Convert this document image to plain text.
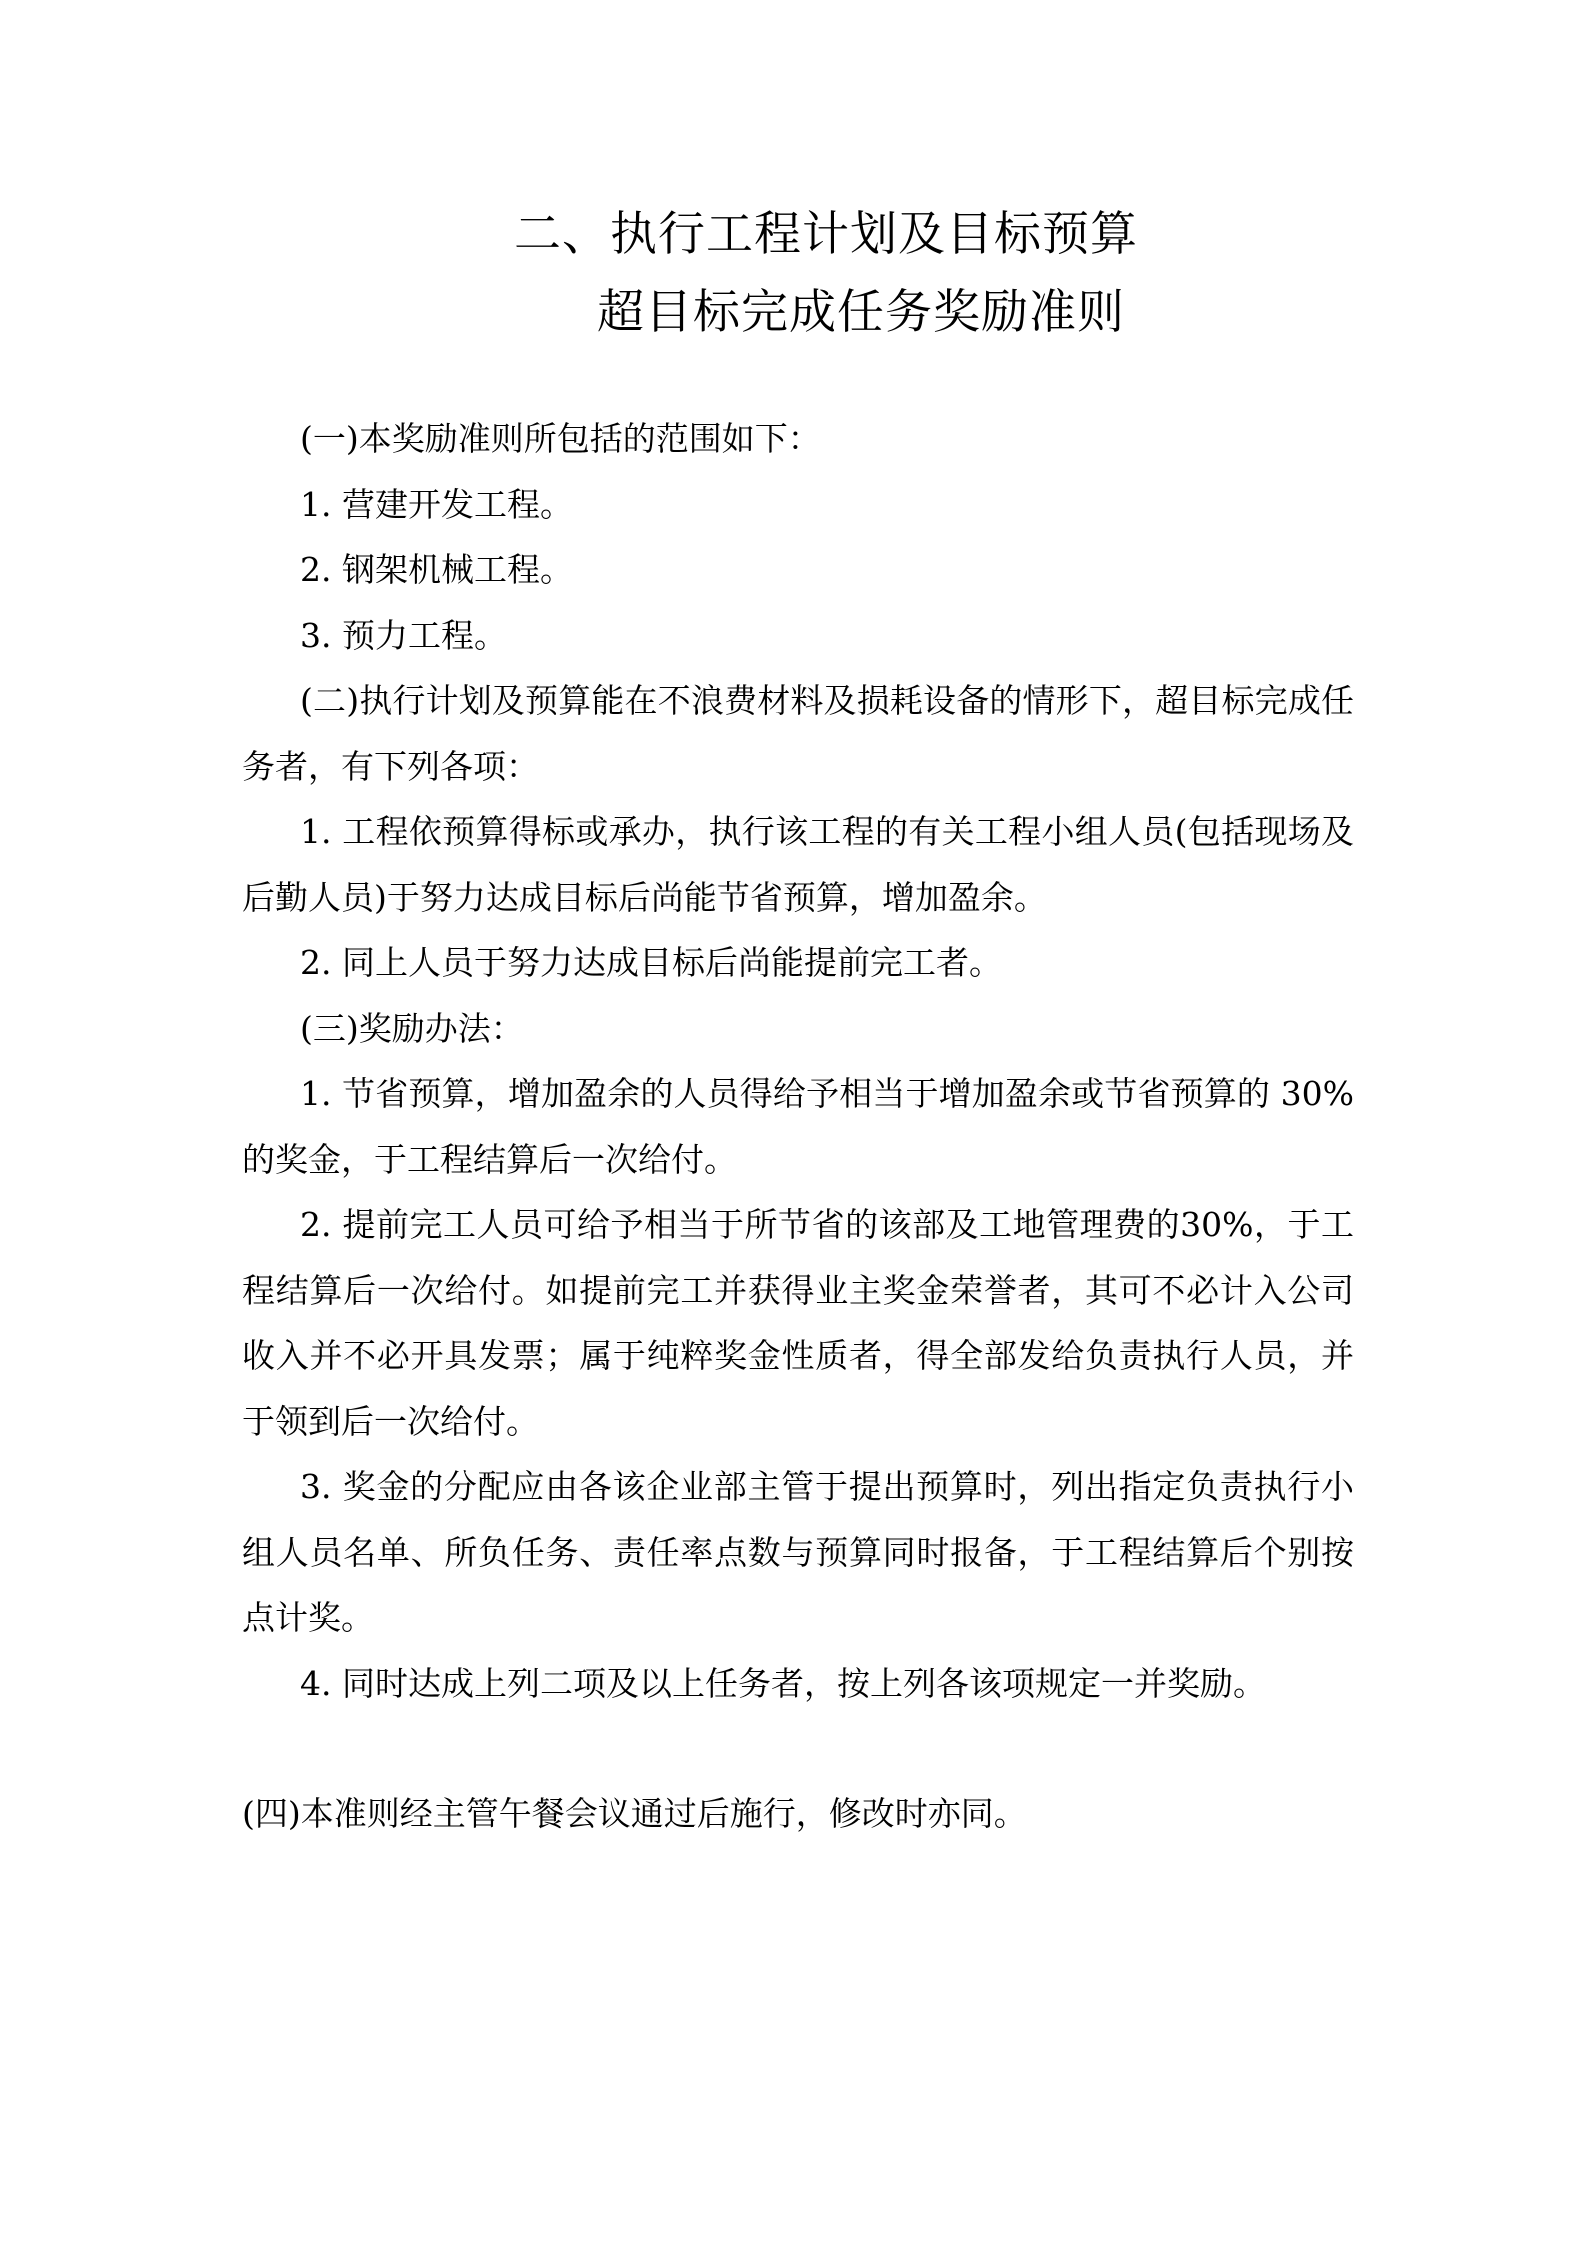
二、执行工程计划及目标预算
超目标完成任务奖励准则

(一)本奖励准则所包括的范围如下：

1. 营建开发工程。

2. 钢架机械工程。

3. 预力工程。

(二)执行计划及预算能在不浪费材料及损耗设备的情形下，超目标完成任务者，有下列各项：

1. 工程依预算得标或承办，执行该工程的有关工程小组人员(包括现场及后勤人员)于努力达成目标后尚能节省预算，增加盈余。

2. 同上人员于努力达成目标后尚能提前完工者。

(三)奖励办法：

1. 节省预算，增加盈余的人员得给予相当于增加盈余或节省预算的 30%的奖金，于工程结算后一次给付。

2. 提前完工人员可给予相当于所节省的该部及工地管理费的30%，于工程结算后一次给付。如提前完工并获得业主奖金荣誉者，其可不必计入公司收入并不必开具发票；属于纯粹奖金性质者，得全部发给负责执行人员，并于领到后一次给付。

3. 奖金的分配应由各该企业部主管于提出预算时，列出指定负责执行小组人员名单、所负任务、责任率点数与预算同时报备，于工程结算后个别按点计奖。

4. 同时达成上列二项及以上任务者，按上列各该项规定一并奖励。

(四)本准则经主管午餐会议通过后施行，修改时亦同。
